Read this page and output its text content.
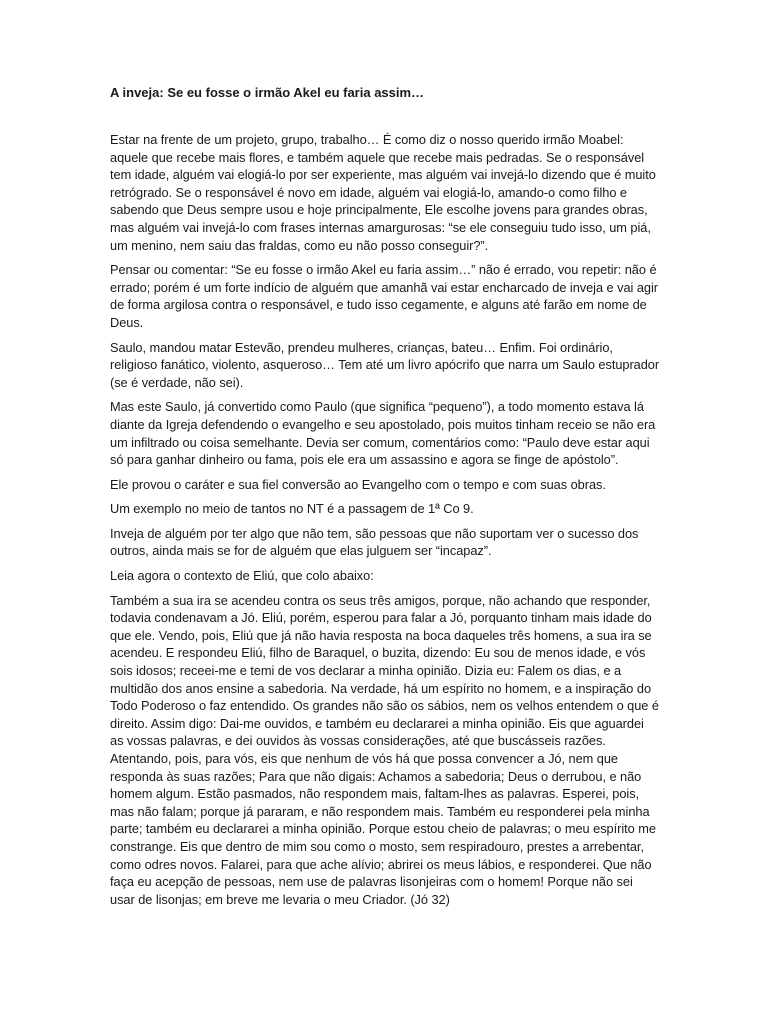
A inveja: Se eu fosse o irmão Akel eu faria assim…

Estar na frente de um projeto, grupo, trabalho… É como diz o nosso querido irmão Moabel: aquele que recebe mais flores, e também aquele que recebe mais pedradas. Se o responsável tem idade, alguém vai elogiá-lo por ser experiente, mas alguém vai invejá-lo dizendo que é muito retrógrado. Se o responsável é novo em idade, alguém vai elogiá-lo, amando-o como filho e sabendo que Deus sempre usou e hoje principalmente, Ele escolhe jovens para grandes obras, mas alguém vai invejá-lo com frases internas amargurosas: “se ele conseguiu tudo isso, um piá, um menino, nem saiu das fraldas, como eu não posso conseguir?”.

Pensar ou comentar: “Se eu fosse o irmão Akel eu faria assim…” não é errado, vou repetir: não é errado; porém é um forte indício de alguém que amanhã vai estar encharcado de inveja e vai agir de forma argilosa contra o responsável, e tudo isso cegamente, e alguns até farão em nome de Deus.

Saulo, mandou matar Estevão, prendeu mulheres, crianças, bateu… Enfim. Foi ordinário, religioso fanático, violento, asqueroso… Tem até um livro apócrifo que narra um Saulo estuprador (se é verdade, não sei).

Mas este Saulo, já convertido como Paulo (que significa “pequeno”), a todo momento estava lá diante da Igreja defendendo o evangelho e seu apostolado, pois muitos tinham receio se não era um infiltrado ou coisa semelhante. Devia ser comum, comentários como: “Paulo deve estar aqui só para ganhar dinheiro ou fama, pois ele era um assassino e agora se finge de apóstolo”.

Ele provou o caráter e sua fiel conversão ao Evangelho com o tempo e com suas obras.

Um exemplo no meio de tantos no NT é a passagem de 1ª Co 9.

Inveja de alguém por ter algo que não tem, são pessoas que não suportam ver o sucesso dos outros, ainda mais se for de alguém que elas julguem ser “incapaz”.

Leia agora o contexto de Eliú, que colo abaixo:

Também a sua ira se acendeu contra os seus três amigos, porque, não achando que responder, todavia condenavam a Jó. Eliú, porém, esperou para falar a Jó, porquanto tinham mais idade do que ele. Vendo, pois, Eliú que já não havia resposta na boca daqueles três homens, a sua ira se acendeu. E respondeu Eliú, filho de Baraquel, o buzita, dizendo: Eu sou de menos idade, e vós sois idosos; receei-me e temi de vos declarar a minha opinião. Dizia eu: Falem os dias, e a multidão dos anos ensine a sabedoria. Na verdade, há um espírito no homem, e a inspiração do Todo Poderoso o faz entendido. Os grandes não são os sábios, nem os velhos entendem o que é direito. Assim digo: Dai-me ouvidos, e também eu declararei a minha opinião. Eis que aguardei as vossas palavras, e dei ouvidos às vossas considerações, até que buscásseis razões. Atentando, pois, para vós, eis que nenhum de vós há que possa convencer a Jó, nem que responda às suas razões; Para que não digais: Achamos a sabedoria; Deus o derrubou, e não homem algum. Estão pasmados, não respondem mais, faltam-lhes as palavras. Esperei, pois, mas não falam; porque já pararam, e não respondem mais. Também eu responderei pela minha parte; também eu declararei a minha opinião. Porque estou cheio de palavras; o meu espírito me constrange. Eis que dentro de mim sou como o mosto, sem respiradouro, prestes a arrebentar, como odres novos. Falarei, para que ache alívio; abrirei os meus lábios, e responderei. Que não faça eu acepção de pessoas, nem use de palavras lisonjeiras com o homem! Porque não sei usar de lisonjas; em breve me levaria o meu Criador. (Jó 32)
